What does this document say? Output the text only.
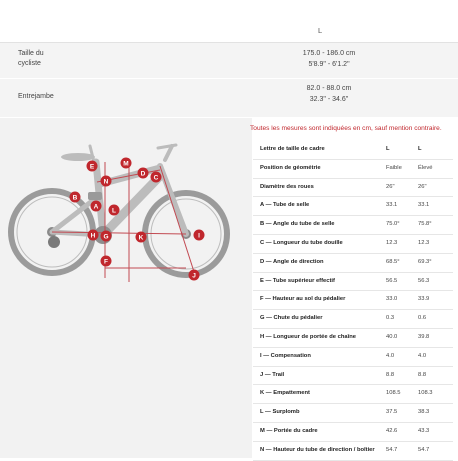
L
Taille du
cycliste
175.0 - 186.0 cm
5'8.9" - 6'1.2"
Entrejambe
82.0 - 88.0 cm
32.3" - 34.6"
N
M
E
D
C
B
A
L
H G	K	I
F
J
Toutes les mesures sont indiquées en cm, sauf mention contraire.
Lettre de taille de cadre	L	L
Position de géométrie	Faible	Élevé
Diamètre des roues	26"	26"
A — Tube de selle	33.1	33.1
B — Angle du tube de selle	75.0°	75.8°
C — Longueur du tube douille	12.3	12.3
D — Angle de direction	68.5°	69.3°
E — Tube supérieur effectif	56.5	56.3
F — Hauteur au sol du pédalier	33.0	33.9
G — Chute du pédalier	0.3	0.6
H — Longueur de portée de chaîne	40.0	39.8
I — Compensation	4.0	4.0
J — Trail	8.8	8.8
K — Empattement	108.5	108.3
L — Surplomb	37.5	38.3
M — Portée du cadre	42.6	43.3
N — Hauteur du tube de direction / boîtier 54.7	54.7
